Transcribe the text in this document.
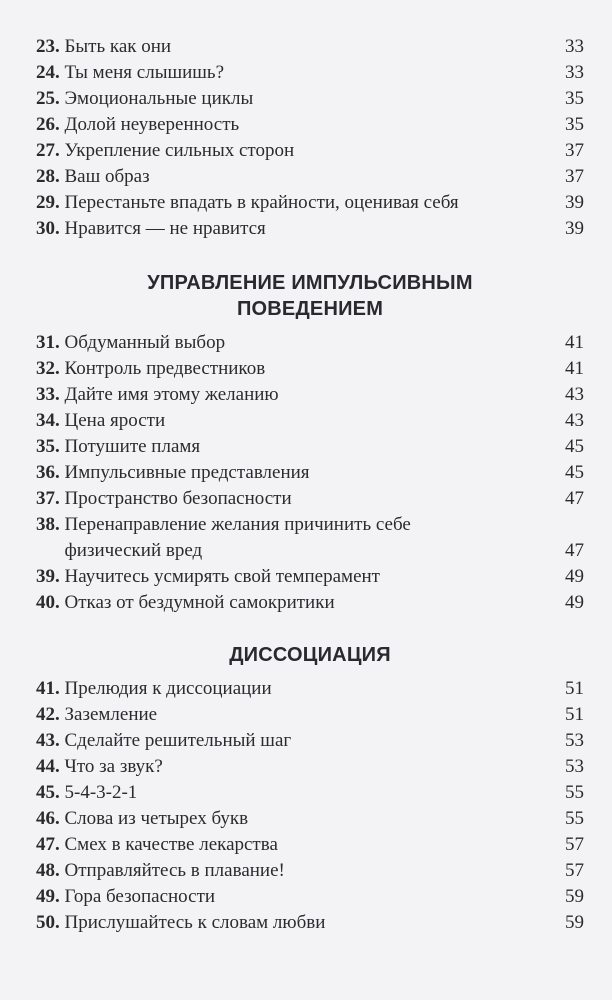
23. Быть как они	33
24. Ты меня слышишь?	33
25. Эмоциональные циклы	35
26. Долой неуверенность	35
27. Укрепление сильных сторон	37
28. Ваш образ	37
29. Перестаньте впадать в крайности, оценивая себя	39
30. Нравится — не нравится	39
УПРАВЛЕНИЕ ИМПУЛЬСИВНЫМ
ПОВЕДЕНИЕМ
31. Обдуманный выбор	41
32. Контроль предвестников	41
33. Дайте имя этому желанию	43
34. Цена ярости	43
35. Потушите пламя	45
36. Импульсивные представления	45
37. Пространство безопасности	47
38. Перенаправление желания причинить себе физический вред	47
39. Научитесь усмирять свой темперамент	49
40. Отказ от бездумной самокритики	49
ДИССОЦИАЦИЯ
41. Прелюдия к диссоциации	51
42. Заземление	51
43. Сделайте решительный шаг	53
44. Что за звук?	53
45. 5-4-3-2-1	55
46. Слова из четырех букв	55
47. Смех в качестве лекарства	57
48. Отправляйтесь в плавание!	57
49. Гора безопасности	59
50. Прислушайтесь к словам любви	59
